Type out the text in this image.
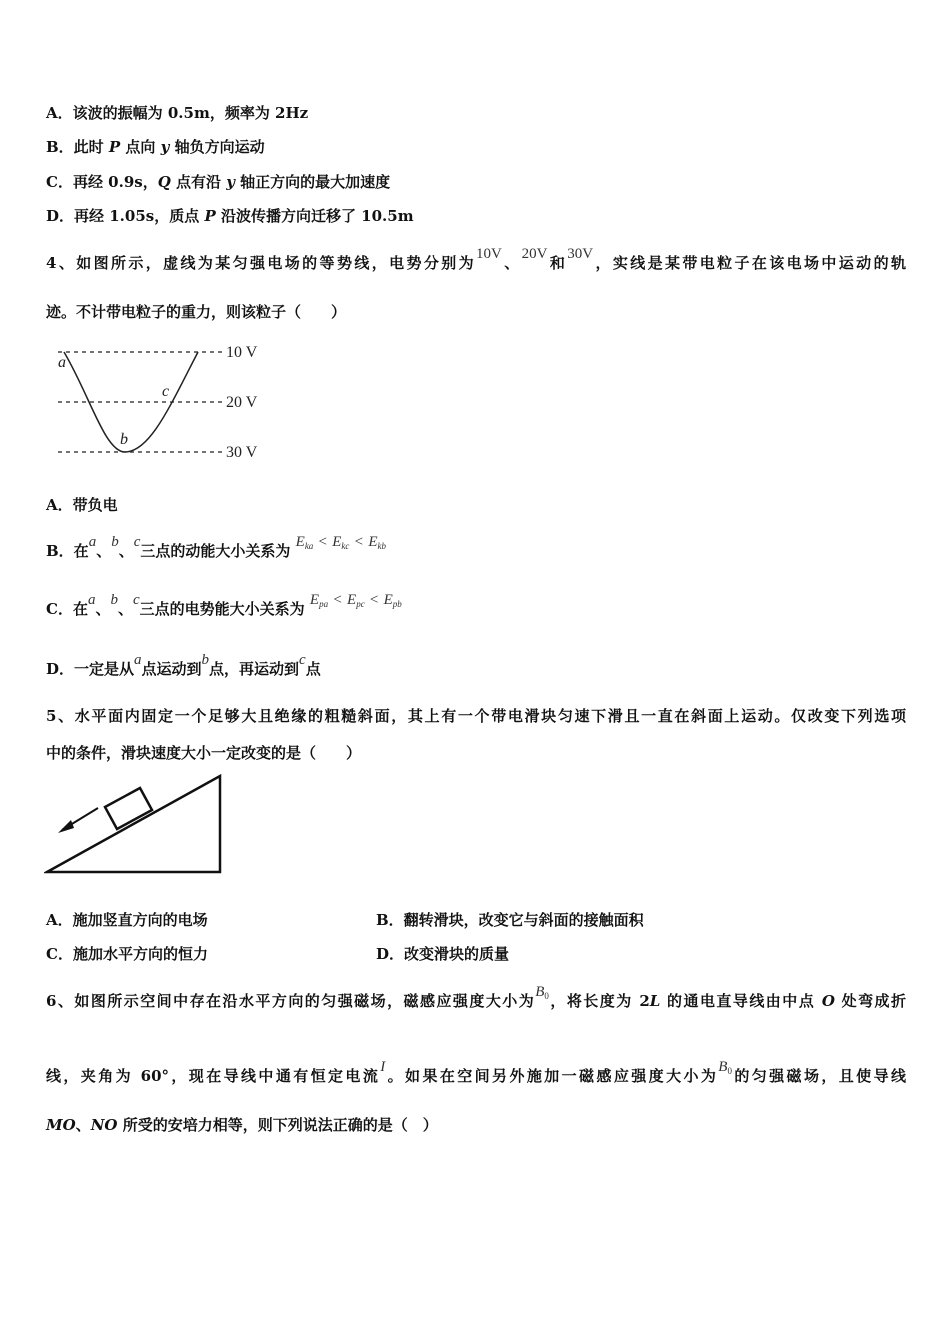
A．该波的振幅为 0.5m，频率为 2Hz
B．此时 P 点向 y 轴负方向运动
C．再经 0.9s，Q 点有沿 y 轴正方向的最大加速度
D．再经 1.05s，质点 P 沿波传播方向迁移了 10.5m
4、如图所示，虚线为某匀强电场的等势线，电势分别为10V、20V和30V，实线是某带电粒子在该电场中运动的轨
迹。不计带电粒子的重力，则该粒子（　　）
10 V
20 V
30 V
a
b
c
A．带负电
B．在a、b、c三点的动能大小关系为 $E_{ka} < E_{kc} < E_{kb}$
C．在a、b、c三点的电势能大小关系为 $E_{pa} < E_{pc} < E_{pb}$
D．一定是从a点运动到b点，再运动到c点
5、水平面内固定一个足够大且绝缘的粗糙斜面，其上有一个带电滑块匀速下滑且一直在斜面上运动。仅改变下列选项
中的条件，滑块速度大小一定改变的是（　　）
A．施加竖直方向的电场	B．翻转滑块，改变它与斜面的接触面积
C．施加水平方向的恒力	D．改变滑块的质量
6、如图所示空间中存在沿水平方向的匀强磁场，磁感应强度大小为$B_0$，将长度为 2L 的通电直导线由中点 O 处弯成折
线，夹角为 60°，现在导线中通有恒定电流I。如果在空间另外施加一磁感应强度大小为$B_0$的匀强磁场，且使导线
MO、NO 所受的安培力相等，则下列说法正确的是（　）
